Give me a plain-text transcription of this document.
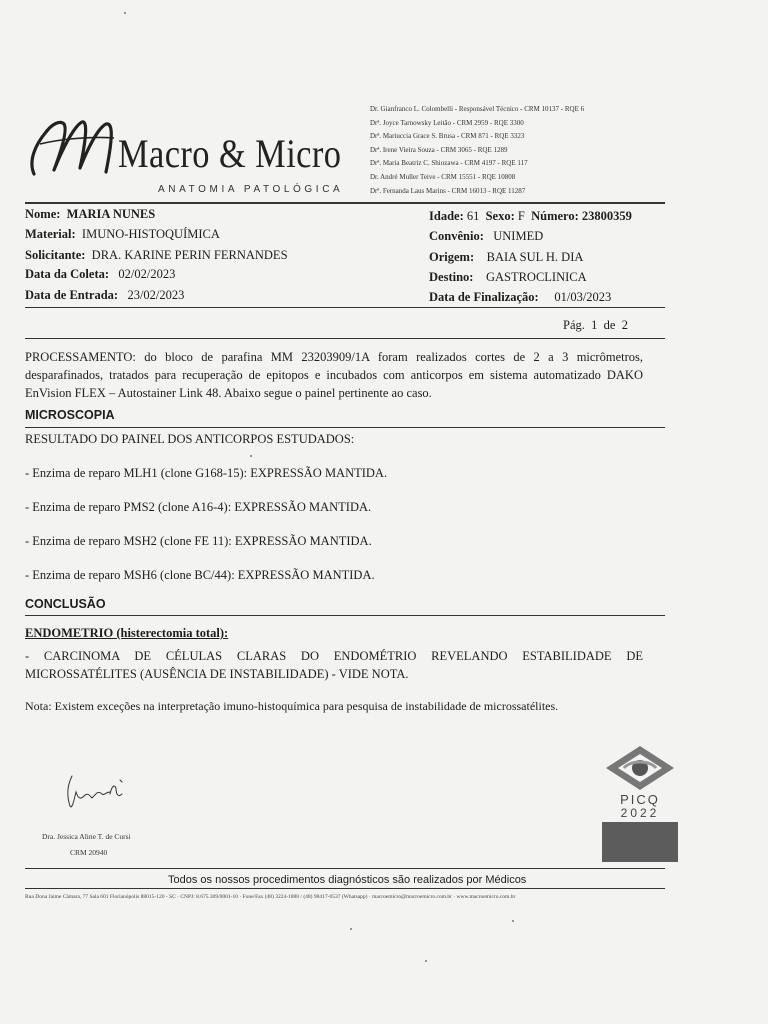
Macro & Micro
ANATOMIA PATOLÓGICA
Dr. Gianfranco L. Colombelli - Responsável Técnico - CRM 10137 - RQE 6
Drª. Joyce Tarnowsky Leitão - CRM 2959 - RQE 3300
Drª. Mariuccia Grace S. Brusa - CRM 871 - RQE 3323
Drª. Irene Vieira Souza - CRM 3065 - RQE 1289
Drª. Maria Beatriz C. Shiozawa - CRM 4197 - RQE 117
Dr. André Muller Teive - CRM 15551 - RQE 10808
Drª. Fernanda Laus Marins - CRM 16013 - RQE 11287
Nome: MARIA NUNES
Material: IMUNO-HISTOQUÍMICA
Solicitante: DRA. KARINE PERIN FERNANDES
Data da Coleta: 02/02/2023
Data de Entrada: 23/02/2023
Idade: 61 Sexo: F Número: 23800359
Convênio: UNIMED
Origem: BAIA SUL H. DIA
Destino: GASTROCLINICA
Data de Finalização: 01/03/2023
Pág. 1 de 2
PROCESSAMENTO: do bloco de parafina MM 23203909/1A foram realizados cortes de 2 a 3 micrômetros, desparafinados, tratados para recuperação de epitopos e incubados com anticorpos em sistema automatizado DAKO EnVision FLEX – Autostainer Link 48. Abaixo segue o painel pertinente ao caso.
MICROSCOPIA
RESULTADO DO PAINEL DOS ANTICORPOS ESTUDADOS:
- Enzima de reparo MLH1 (clone G168-15): EXPRESSÃO MANTIDA.
- Enzima de reparo PMS2 (clone A16-4): EXPRESSÃO MANTIDA.
- Enzima de reparo MSH2 (clone FE 11): EXPRESSÃO MANTIDA.
- Enzima de reparo MSH6 (clone BC/44): EXPRESSÃO MANTIDA.
CONCLUSÃO
ENDOMETRIO (histerectomia total):
- CARCINOMA DE CÉLULAS CLARAS DO ENDOMÉTRIO REVELANDO ESTABILIDADE DE MICROSSATÉLITES (AUSÊNCIA DE INSTABILIDADE) - VIDE NOTA.
Nota: Existem exceções na interpretação imuno-histoquímica para pesquisa de instabilidade de microssatélites.
Dra. Jessica Aline T. de Cursi
CRM 20940
PICQ
2022
Todos os nossos procedimentos diagnósticos são realizados por Médicos
Rua Dona Jaime Câmara, 77 Sala 601 Florianópolis 88015-120 - SC · CNPJ: 8.675.309/0001-10 · Fone/Fax (48) 3224-1888 / (48) 98417-0537 (Whatsapp) · macroemicro@macroemicro.com.br · www.macroemicro.com.br
